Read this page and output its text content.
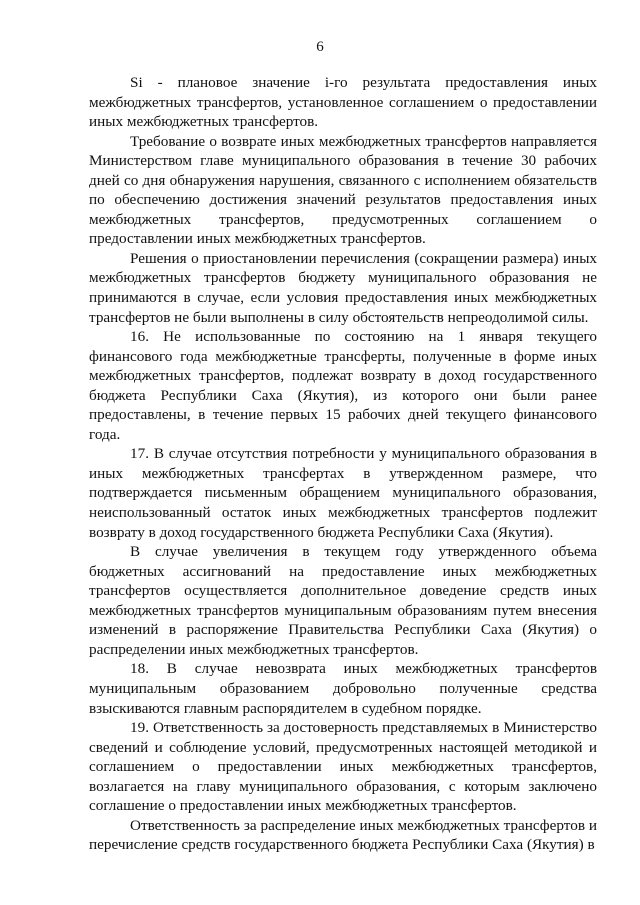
6

Si - плановое значение i-го результата предоставления иных межбюджетных трансфертов, установленное соглашением о предоставлении иных межбюджетных трансфертов.

Требование о возврате иных межбюджетных трансфертов направляется Министерством главе муниципального образования в течение 30 рабочих дней со дня обнаружения нарушения, связанного с исполнением обязательств по обеспечению достижения значений результатов предоставления иных межбюджетных трансфертов, предусмотренных соглашением о предоставлении иных межбюджетных трансфертов.

Решения о приостановлении перечисления (сокращении размера) иных межбюджетных трансфертов бюджету муниципального образования не принимаются в случае, если условия предоставления иных межбюджетных трансфертов не были выполнены в силу обстоятельств непреодолимой силы.

16. Не использованные по состоянию на 1 января текущего финансового года межбюджетные трансферты, полученные в форме иных межбюджетных трансфертов, подлежат возврату в доход государственного бюджета Республики Саха (Якутия), из которого они были ранее предоставлены, в течение первых 15 рабочих дней текущего финансового года.

17. В случае отсутствия потребности у муниципального образования в иных межбюджетных трансфертах в утвержденном размере, что подтверждается письменным обращением муниципального образования, неиспользованный остаток иных межбюджетных трансфертов подлежит возврату в доход государственного бюджета Республики Саха (Якутия).

В случае увеличения в текущем году утвержденного объема бюджетных ассигнований на предоставление иных межбюджетных трансфертов осуществляется дополнительное доведение средств иных межбюджетных трансфертов муниципальным образованиям путем внесения изменений в распоряжение Правительства Республики Саха (Якутия) о распределении иных межбюджетных трансфертов.

18. В случае невозврата иных межбюджетных трансфертов муниципальным образованием добровольно полученные средства взыскиваются главным распорядителем в судебном порядке.

19. Ответственность за достоверность представляемых в Министерство сведений и соблюдение условий, предусмотренных настоящей методикой и соглашением о предоставлении иных межбюджетных трансфертов, возлагается на главу муниципального образования, с которым заключено соглашение о предоставлении иных межбюджетных трансфертов.

Ответственность за распределение иных межбюджетных трансфертов и перечисление средств государственного бюджета Республики Саха (Якутия) в
